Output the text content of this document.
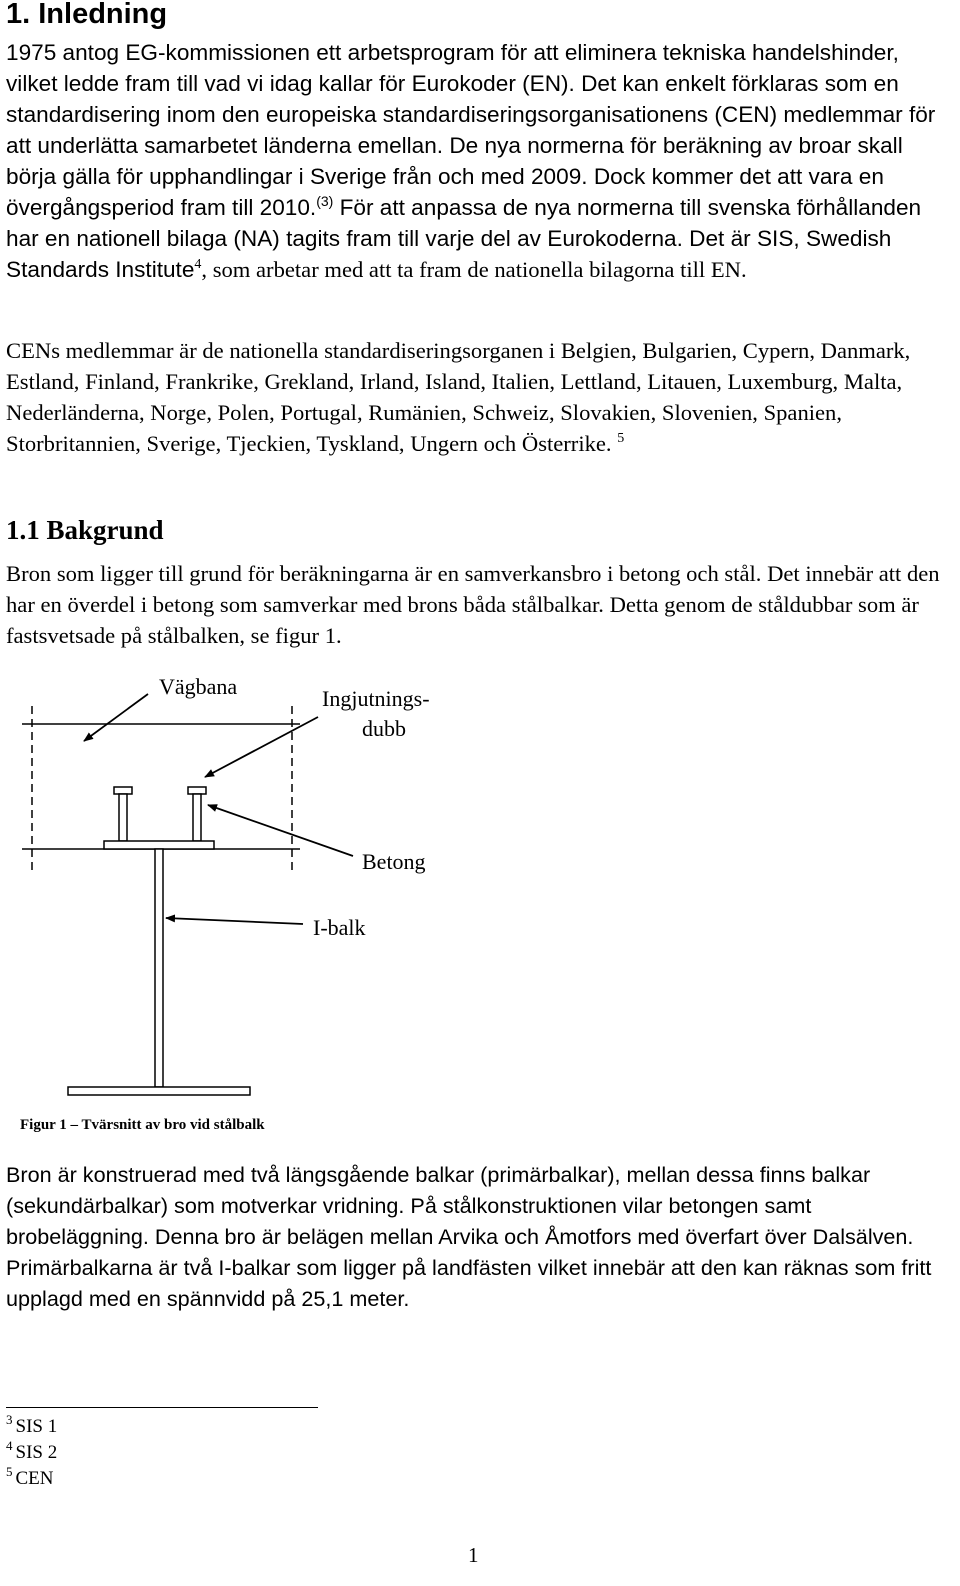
1. Inledning

1975 antog EG-kommissionen ett arbetsprogram för att eliminera tekniska handelshinder, vilket ledde fram till vad vi idag kallar för Eurokoder (EN). Det kan enkelt förklaras som en standardisering inom den europeiska standardiseringsorganisationens (CEN) medlemmar för att underlätta samarbetet länderna emellan. De nya normerna för beräkning av broar skall börja gälla för upphandlingar i Sverige från och med 2009. Dock kommer det att vara en övergångsperiod fram till 2010.$^{(3)}$ För att anpassa de nya normerna till svenska förhållanden har en nationell bilaga (NA) tagits fram till varje del av Eurokoderna. Det är SIS, Swedish Standards Institute$^4$, som arbetar med att ta fram de nationella bilagorna till EN.

CENs medlemmar är de nationella standardiseringsorganen i Belgien, Bulgarien, Cypern, Danmark, Estland, Finland, Frankrike, Grekland, Irland, Island, Italien, Lettland, Litauen, Luxemburg, Malta, Nederländerna, Norge, Polen, Portugal, Rumänien, Schweiz, Slovakien, Slovenien, Spanien, Storbritannien, Sverige, Tjeckien, Tyskland, Ungern och Österrike. $^5$

1.1 Bakgrund

Bron som ligger till grund för beräkningarna är en samverkansbro i betong och stål. Det innebär att den har en överdel i betong som samverkar med brons båda stålbalkar. Detta genom de ståldubbar som är fastsvetsade på stålbalken, se figur 1.

Vägbana	Ingjutnings-
dubb
Betong
I-balk
Figur 1 – Tvärsnitt av bro vid stålbalk

Bron är konstruerad med två längsgående balkar (primärbalkar), mellan dessa finns balkar (sekundärbalkar) som motverkar vridning. På stålkonstruktionen vilar betongen samt brobeläggning. Denna bro är belägen mellan Arvika och Åmotfors med överfart över Dalsälven. Primärbalkarna är två I-balkar som ligger på landfästen vilket innebär att den kan räknas som fritt upplagd med en spännvidd på 25,1 meter.

$^3$ SIS 1
$^4$ SIS 2
$^5$ CEN
1
